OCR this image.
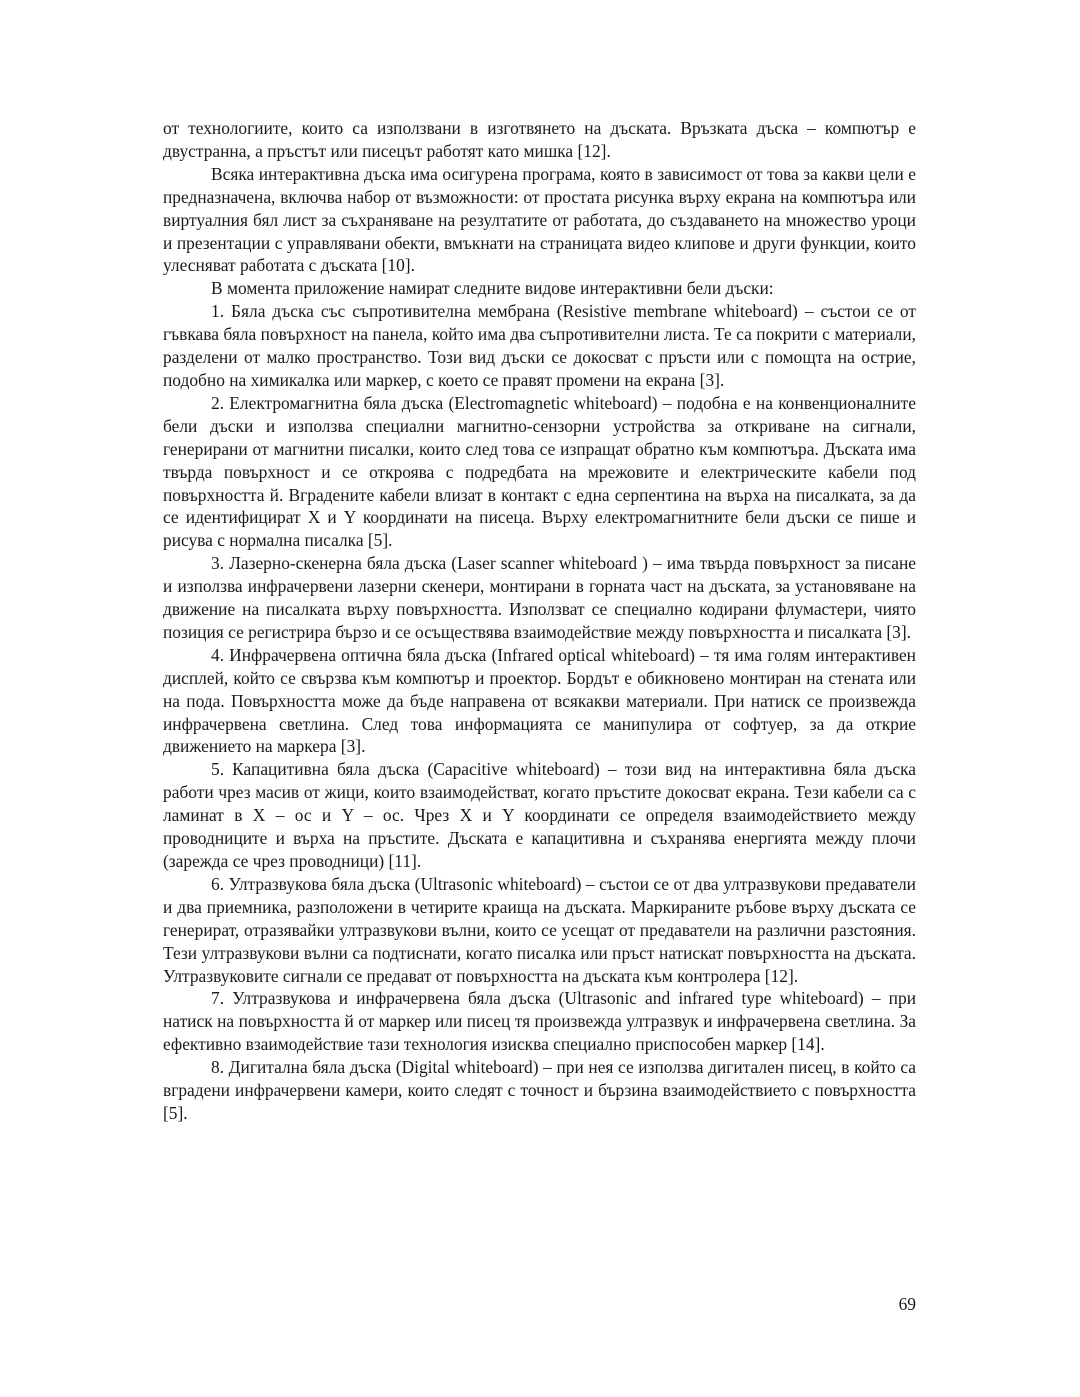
от технологиите, които са използвани в изготвянето на дъската. Връзката дъска – компютър е двустранна, а пръстът или писецът работят като мишка [12].

Всяка интерактивна дъска има осигурена програма, която в зависимост от това за какви цели е предназначена, включва набор от възможности: от простата рисунка върху екрана на компютъра или виртуалния бял лист за съхраняване на резултатите от работата, до създаването на множество уроци и презентации с управлявани обекти, вмъкнати на страницата видео клипове и други функции, които улесняват работата с дъската [10].

В момента приложение намират следните видове интерактивни бели дъски:

1. Бяла дъска със съпротивителна мембрана (Resistive membrane whiteboard) – състои се от гъвкава бяла повърхност на панела, който има два съпротивителни листа. Те са покрити с материали, разделени от малко пространство. Този вид дъски се докосват с пръсти или с помощта на острие, подобно на химикалка или маркер, с което се правят промени на екрана [3].

2. Електромагнитна бяла дъска (Electromagnetic whiteboard) – подобна е на конвенционалните бели дъски и използва специални магнитно-сензорни устройства за откриване на сигнали, генерирани от магнитни писалки, които след това се изпращат обратно към компютъра. Дъската има твърда повърхност и се откроява с подредбата на мрежовите и електрическите кабели под повърхността й. Вградените кабели влизат в контакт с една серпентина на върха на писалката, за да се идентифицират X и Y координати на писеца. Върху електромагнитните бели дъски се пише и рисува с нормална писалка [5].

3. Лазерно-скенерна бяла дъска (Laser scanner whiteboard ) – има твърда повърхност за писане и използва инфрачервени лазерни скенери, монтирани в горната част на дъската, за установяване на движение на писалката върху повърхността. Използват се специално кодирани флумастери, чиято позиция се регистрира бързо и се осъществява взаимодействие между повърхността и писалката [3].

4. Инфрачервена оптична бяла дъска (Infrared optical whiteboard) – тя има голям интерактивен дисплей, който се свързва към компютър и проектор. Бордът е обикновено монтиран на стената или на пода. Повърхността може да бъде направена от всякакви материали. При натиск се произвежда инфрачервена светлина. След това информацията се манипулира от софтуер, за да открие движението на маркера [3].

5. Капацитивна бяла дъска (Capacitive whiteboard) – този вид на интерактивна бяла дъска работи чрез масив от жици, които взаимодействат, когато пръстите докосват екрана. Тези кабели са с ламинат в X – ос и Y – ос. Чрез X и Y координати се определя взаимодействието между проводниците и върха на пръстите. Дъската е капацитивна и съхранява енергията между плочи (зарежда се чрез проводници) [11].

6. Ултразвукова бяла дъска (Ultrasonic whiteboard) – състои се от два ултразвукови предаватели и два приемника, разположени в четирите краища на дъската. Маркираните ръбове върху дъската се генерират, отразявайки ултразвукови вълни, които се усещат от предаватели на различни разстояния. Тези ултразвукови вълни са подтиснати, когато писалка или пръст натискат повърхността на дъската. Ултразвуковите сигнали се предават от повърхността на дъската към контролера [12].

7. Ултразвукова и инфрачервена бяла дъска (Ultrasonic and infrared type whiteboard) – при натиск на повърхността й от маркер или писец тя произвежда ултразвук и инфрачервена светлина. За ефективно взаимодействие тази технология изисква специално приспособен маркер [14].

8. Дигитална бяла дъска (Digital whiteboard) – при нея се използва дигитален писец, в който са вградени инфрачервени камери, които следят с точност и бързина взаимодействието с повърхността [5].

69
